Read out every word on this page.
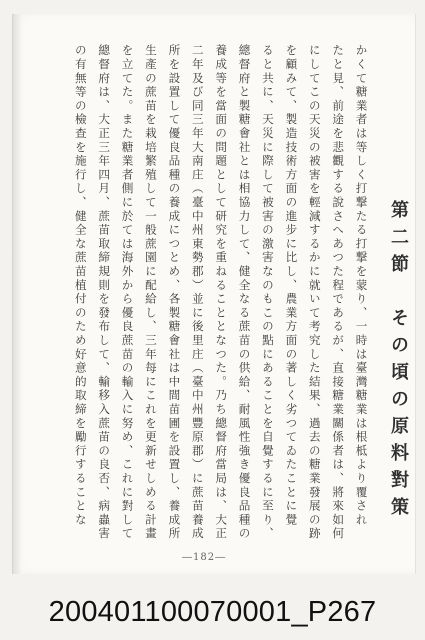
かくて糖業者は等しく打撃たる打撃を蒙り、一時は臺灣糖業は根柢より覆され
たと見、前途を悲觀する說さへあつた程であるが、直接糖業關係者は、將來如何
にしてこの天災の被害を輕減するかに就いて考究した結果、過去の糖業發展の跡
を顧みて、製造技術方面の進步に比し、農業方面の著しく劣つてゐたことに覺
ると共に、天災に際して被害の激害なのもこの點にあることを自覺するに至り、
總督府と製糖會社とは相協力して、健全なる蔗苗の供給、耐風性強き優良品種の
養成等を當面の問題として研究を重ねることとなつた。乃ち總督府當局は、大正
二年及び同三年大南庄（臺中州東勢郡）並に後里庄（臺中州豐原郡）に蔗苗養成
所を設置して優良品種の養成につとめ、各製糖會社は中間苗圃を設置し、養成所
生產の蔗苗を栽培繁殖して一般蔗園に配給し、三年每にこれを更新せしめる計畫
を立てた。また糖業者側に於ては海外から優良蔗苗の輸入に努め、これに對して
總督府は、大正三年四月、蔗苗取締規則を發布して、輸移入蔗苗の良否、病蟲害
の有無等の檢查を施行し、健全な蔗苗植付のため好意的取締を勵行することな	第二節　その頃の原料對策
―182―
200401100070001_P267
